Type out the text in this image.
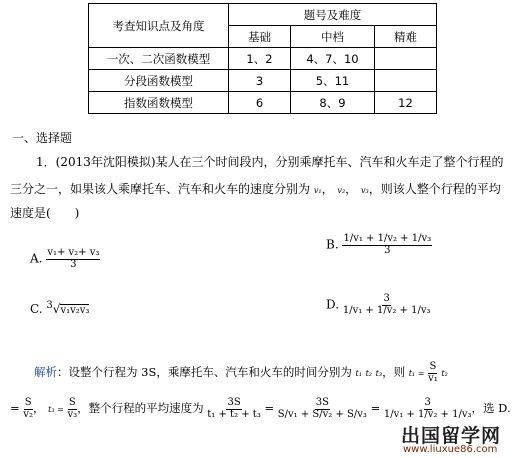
考查知识点及角度	题号及难度		
	基础	中档	精难
一次、二次函数模型	1、2	4、7、10	
分段函数模型	3	5、11	
指数函数模型	6	8、9	12
一、选择题
1．(2013年沈阳模拟)某人在三个时间段内，分别乘摩托车、汽车和火车走了整个行程的
三分之一，如果该人乘摩托车、汽车和火车的速度分别为 v₁， v₂， v₃，则该人整个行程的平均
速度是(　　)
A. $\frac{\text{v₁+ v₂+ v₃}}{3}$
B. $\frac{\text{1/v₁ + 1/v₂ + 1/v₃}}{3}$
C. $^3$√v₁v₂v₃	D. $\frac{3}{\text{1/v₁ + 1/v₂ + 1/v₃}}$
解析：设整个行程为 3S，乘摩托车、汽车和火车的时间分别为 t₁ t₂ t₃，则 $t_1 = \frac{S}{\text{v₁}} t_2$
= $\frac{S}{\text{v₂}}$ ， $t_3 = \frac{S}{\text{v₃}}$ ，整个行程的平均速度为 $\frac{3S}{\text{t₁ + t₂ + t₃}} = \frac{3S}{\text{S/v₁ + S/v₂ + S/v₃}} = \frac{3}{\text{1/v₁ + 1/v₂ + 1/v₃}}$ ，选 D.
出国留学网
www.liuxue86.com
